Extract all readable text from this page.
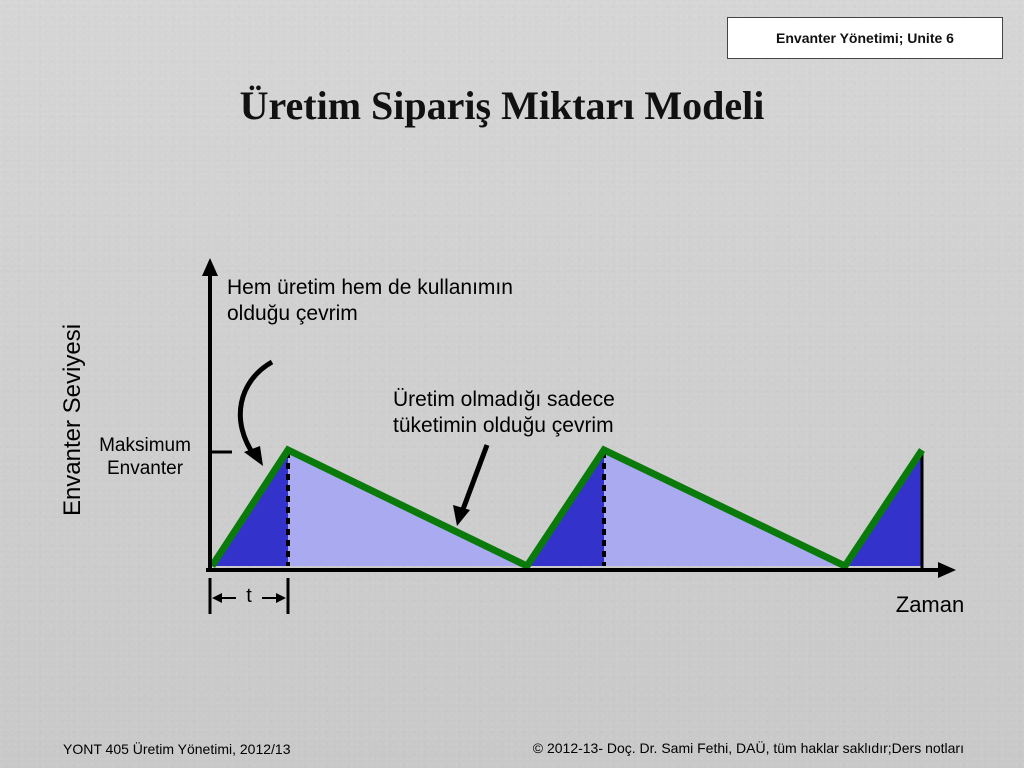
Envanter Yönetimi; Unite 6
Üretim Sipariş Miktarı Modeli
t
Hem üretim hem de kullanımın
olduğu çevrim
Üretim olmadığı sadece
tüketimin olduğu çevrim
Maksimum
Envanter
Envanter Seviyesi
Zaman
YONT 405 Üretim Yönetimi, 2012/13	© 2012-13- Doç. Dr. Sami Fethi, DAÜ, tüm haklar saklıdır;Ders notları
